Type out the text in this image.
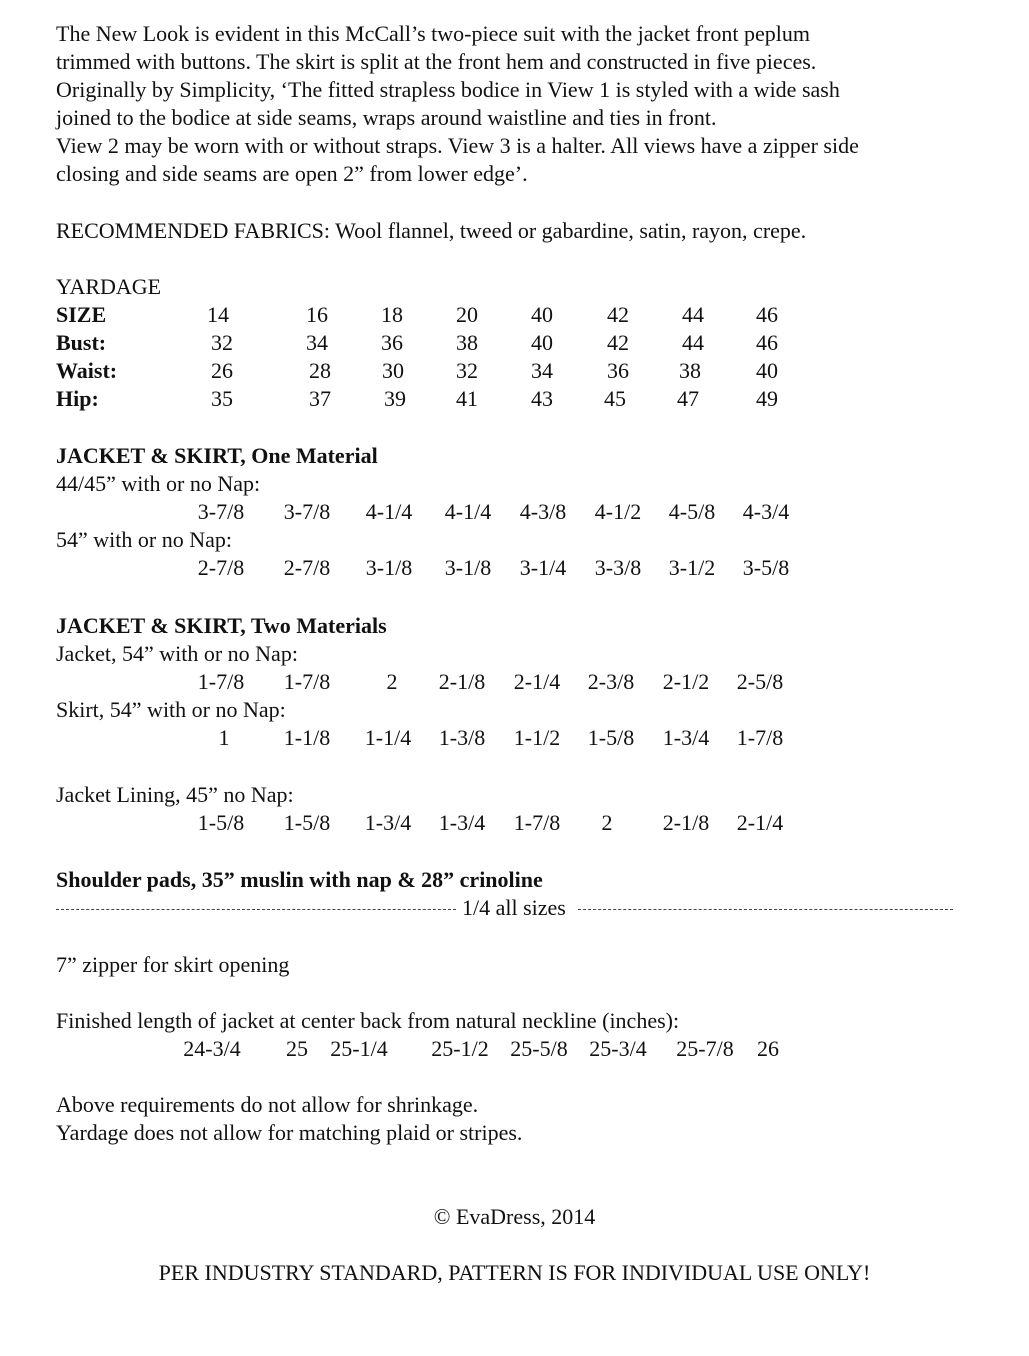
The New Look is evident in this McCall’s two-piece suit with the jacket front peplum
trimmed with buttons. The skirt is split at the front hem and constructed in five pieces.
Originally by Simplicity, ‘The fitted strapless bodice in View 1 is styled with a wide sash
joined to the bodice at side seams, wraps around waistline and ties in front.
View 2 may be worn with or without straps. View 3 is a halter. All views have a zipper side
closing and side seams are open 2” from lower edge’.
RECOMMENDED FABRICS: Wool flannel, tweed or gabardine, satin, rayon, crepe.
YARDAGE
SIZE	14	16 18 20 40 42 44 46
Bust:	32	34 36 38 40 42 44 46
Waist:	26	28 30 32 34 36 38	40
Hip:	35	37 39 41 43 45 47	49
JACKET & SKIRT, One Material
44/45” with or no Nap:
3-7/8 3-7/8 4-1/4 4-1/4 4-3/8 4-1/2 4-5/8 4-3/4
54” with or no Nap:
2-7/8 2-7/8 3-1/8 3-1/8 3-1/4 3-3/8 3-1/2 3-5/8
JACKET & SKIRT, Two Materials
Jacket, 54” with or no Nap:
1-7/8 1-7/8	2 2-1/8 2-1/4 2-3/8 2-1/2 2-5/8
Skirt, 54” with or no Nap:
1 1-1/8 1-1/4 1-3/8 1-1/2 1-5/8 1-3/4 1-7/8
Jacket Lining, 45” no Nap:
1-5/8 1-5/8 1-3/4 1-3/4 1-7/8 2 2-1/8 2-1/4
Shoulder pads, 35” muslin with nap & 28” crinoline
1/4 all sizes
7” zipper for skirt opening
Finished length of jacket at center back from natural neckline (inches):
24-3/4 25 25-1/4 25-1/2 25-5/8 25-3/4 25-7/8 26
Above requirements do not allow for shrinkage.
Yardage does not allow for matching plaid or stripes.
© EvaDress, 2014
PER INDUSTRY STANDARD, PATTERN IS FOR INDIVIDUAL USE ONLY!
